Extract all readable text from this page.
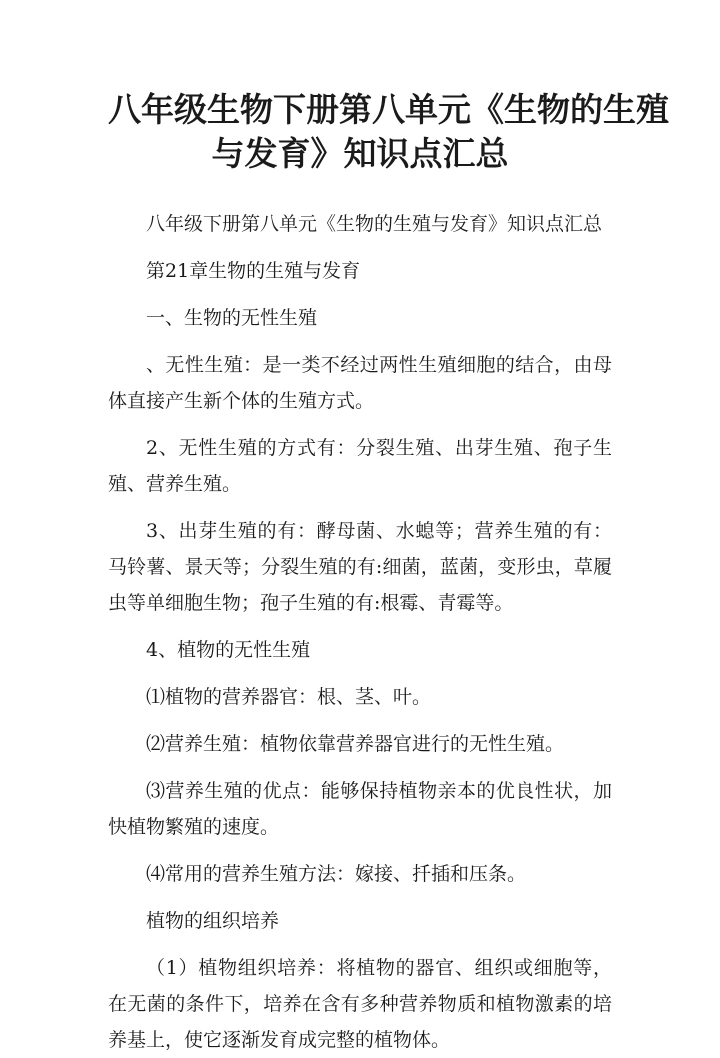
八年级生物下册第八单元《生物的生殖
与发育》知识点汇总

八年级下册第八单元《生物的生殖与发育》知识点汇总

第21章生物的生殖与发育

一、生物的无性生殖

、无性生殖：是一类不经过两性生殖细胞的结合，由母体直接产生新个体的生殖方式。

2、无性生殖的方式有：分裂生殖、出芽生殖、孢子生殖、营养生殖。

3、出芽生殖的有：酵母菌、水螅等；营养生殖的有：马铃薯、景天等；分裂生殖的有:细菌，蓝菌，变形虫，草履虫等单细胞生物；孢子生殖的有:根霉、青霉等。

4、植物的无性生殖

⑴植物的营养器官：根、茎、叶。

⑵营养生殖：植物依靠营养器官进行的无性生殖。

⑶营养生殖的优点：能够保持植物亲本的优良性状，加快植物繁殖的速度。

⑷常用的营养生殖方法：嫁接、扦插和压条。

植物的组织培养

（1）植物组织培养：将植物的器官、组织或细胞等，在无菌的条件下，培养在含有多种营养物质和植物激素的培养基上，使它逐渐发育成完整的植物体。
